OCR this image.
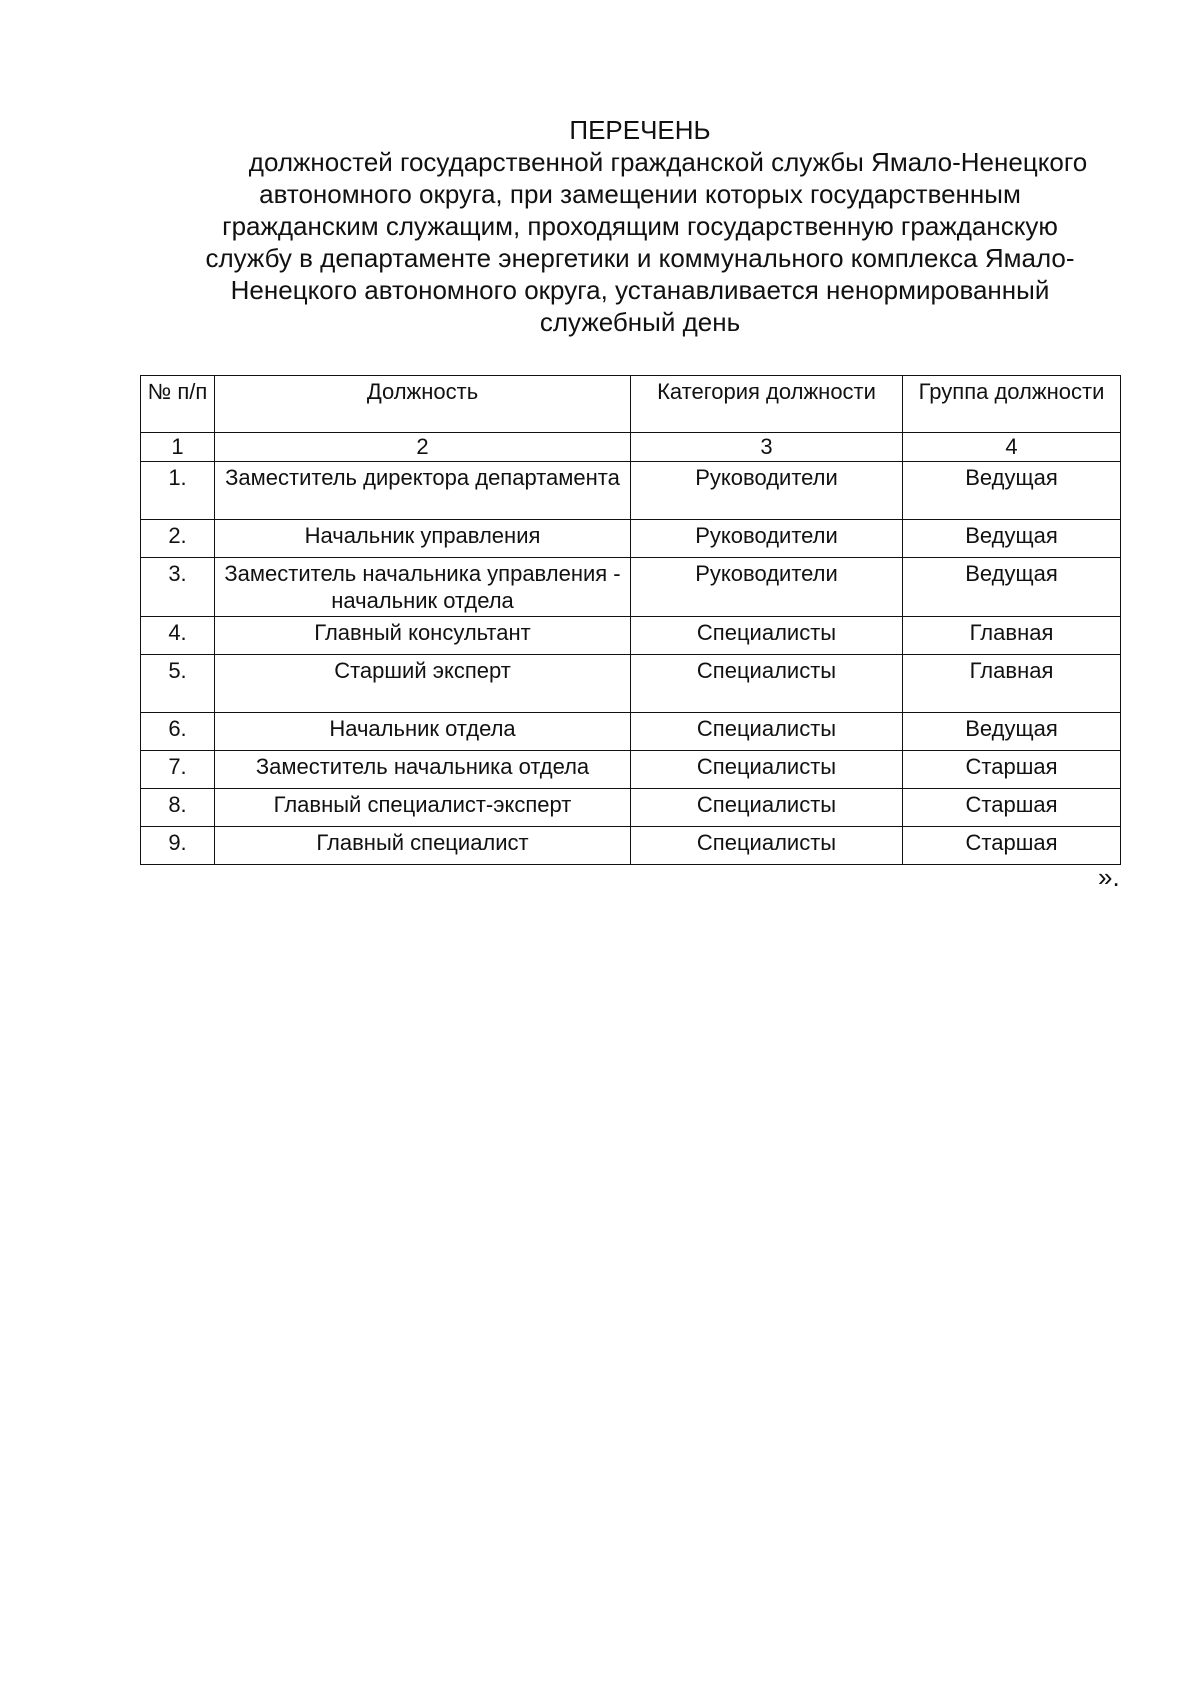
ПЕРЕЧЕНЬ
должностей государственной гражданской службы Ямало-Ненецкого
автономного округа, при замещении которых государственным
гражданским служащим, проходящим государственную гражданскую
службу в департаменте энергетики и коммунального комплекса Ямало-
Ненецкого автономного округа, устанавливается ненормированный
служебный день
№ п/п	Должность	Категория должности	Группа должности
1	2	3	4
1.	Заместитель директора департамента	Руководители	Ведущая
2.	Начальник управления	Руководители	Ведущая
3.	Заместитель начальника управления - начальник отдела	Руководители	Ведущая
4.	Главный консультант	Специалисты	Главная
5.	Старший эксперт	Специалисты	Главная
6.	Начальник отдела	Специалисты	Ведущая
7.	Заместитель начальника отдела	Специалисты	Старшая
8.	Главный специалист-эксперт	Специалисты	Старшая
9.	Главный специалист	Специалисты	Старшая
».
